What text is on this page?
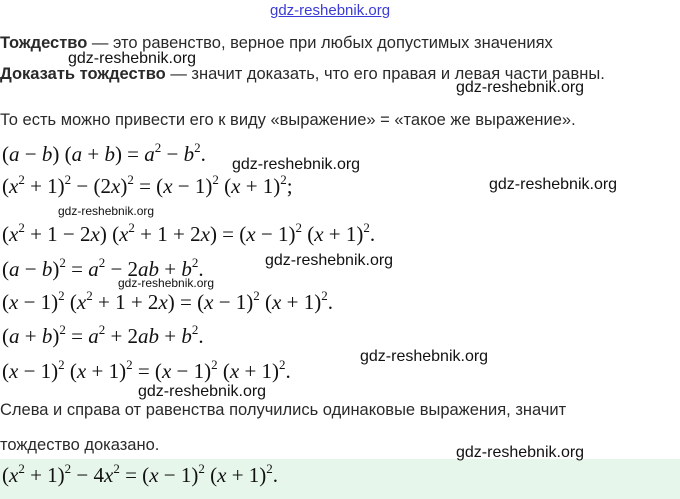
gdz-reshebnik.org
Тождество — это равенство, верное при любых допустимых значениях
Доказать тождество — значит доказать, что его правая и левая части равны.
То есть можно привести его к виду «выражение» = «такое же выражение».
(a − b) $(a + b) = a^2 - b^2$.
$(x^2 + 1)^2 - (2x)^2 = (x - 1)^2$ $(x + 1)^2$;
$(x^2 + 1 - 2x) (x^2 + 1 + 2x) = (x - 1)^2$ $(x + 1)^2$.
$(a - b)^2 = a^2 - 2ab + b^2$.
$(x - 1)^2$ $(x^2 + 1 + 2x) = (x - 1)^2$ $(x + 1)^2$.
$(a + b)^2 = a^2 + 2ab + b^2$.
$(x - 1)^2$ $(x + 1)^2 = (x - 1)^2$ $(x + 1)^2$.
Слева и справа от равенства получились одинаковые выражения, значит
тождество доказано.
$(x^2 + 1)^2 - 4x^2 = (x - 1)^2$ $(x + 1)^2$.
gdz-reshebnik.org
gdz-reshebnik.org
gdz-reshebnik.org
gdz-reshebnik.org
gdz-reshebnik.org
gdz-reshebnik.org
gdz-reshebnik.org
gdz-reshebnik.org
gdz-reshebnik.org
gdz-reshebnik.org
